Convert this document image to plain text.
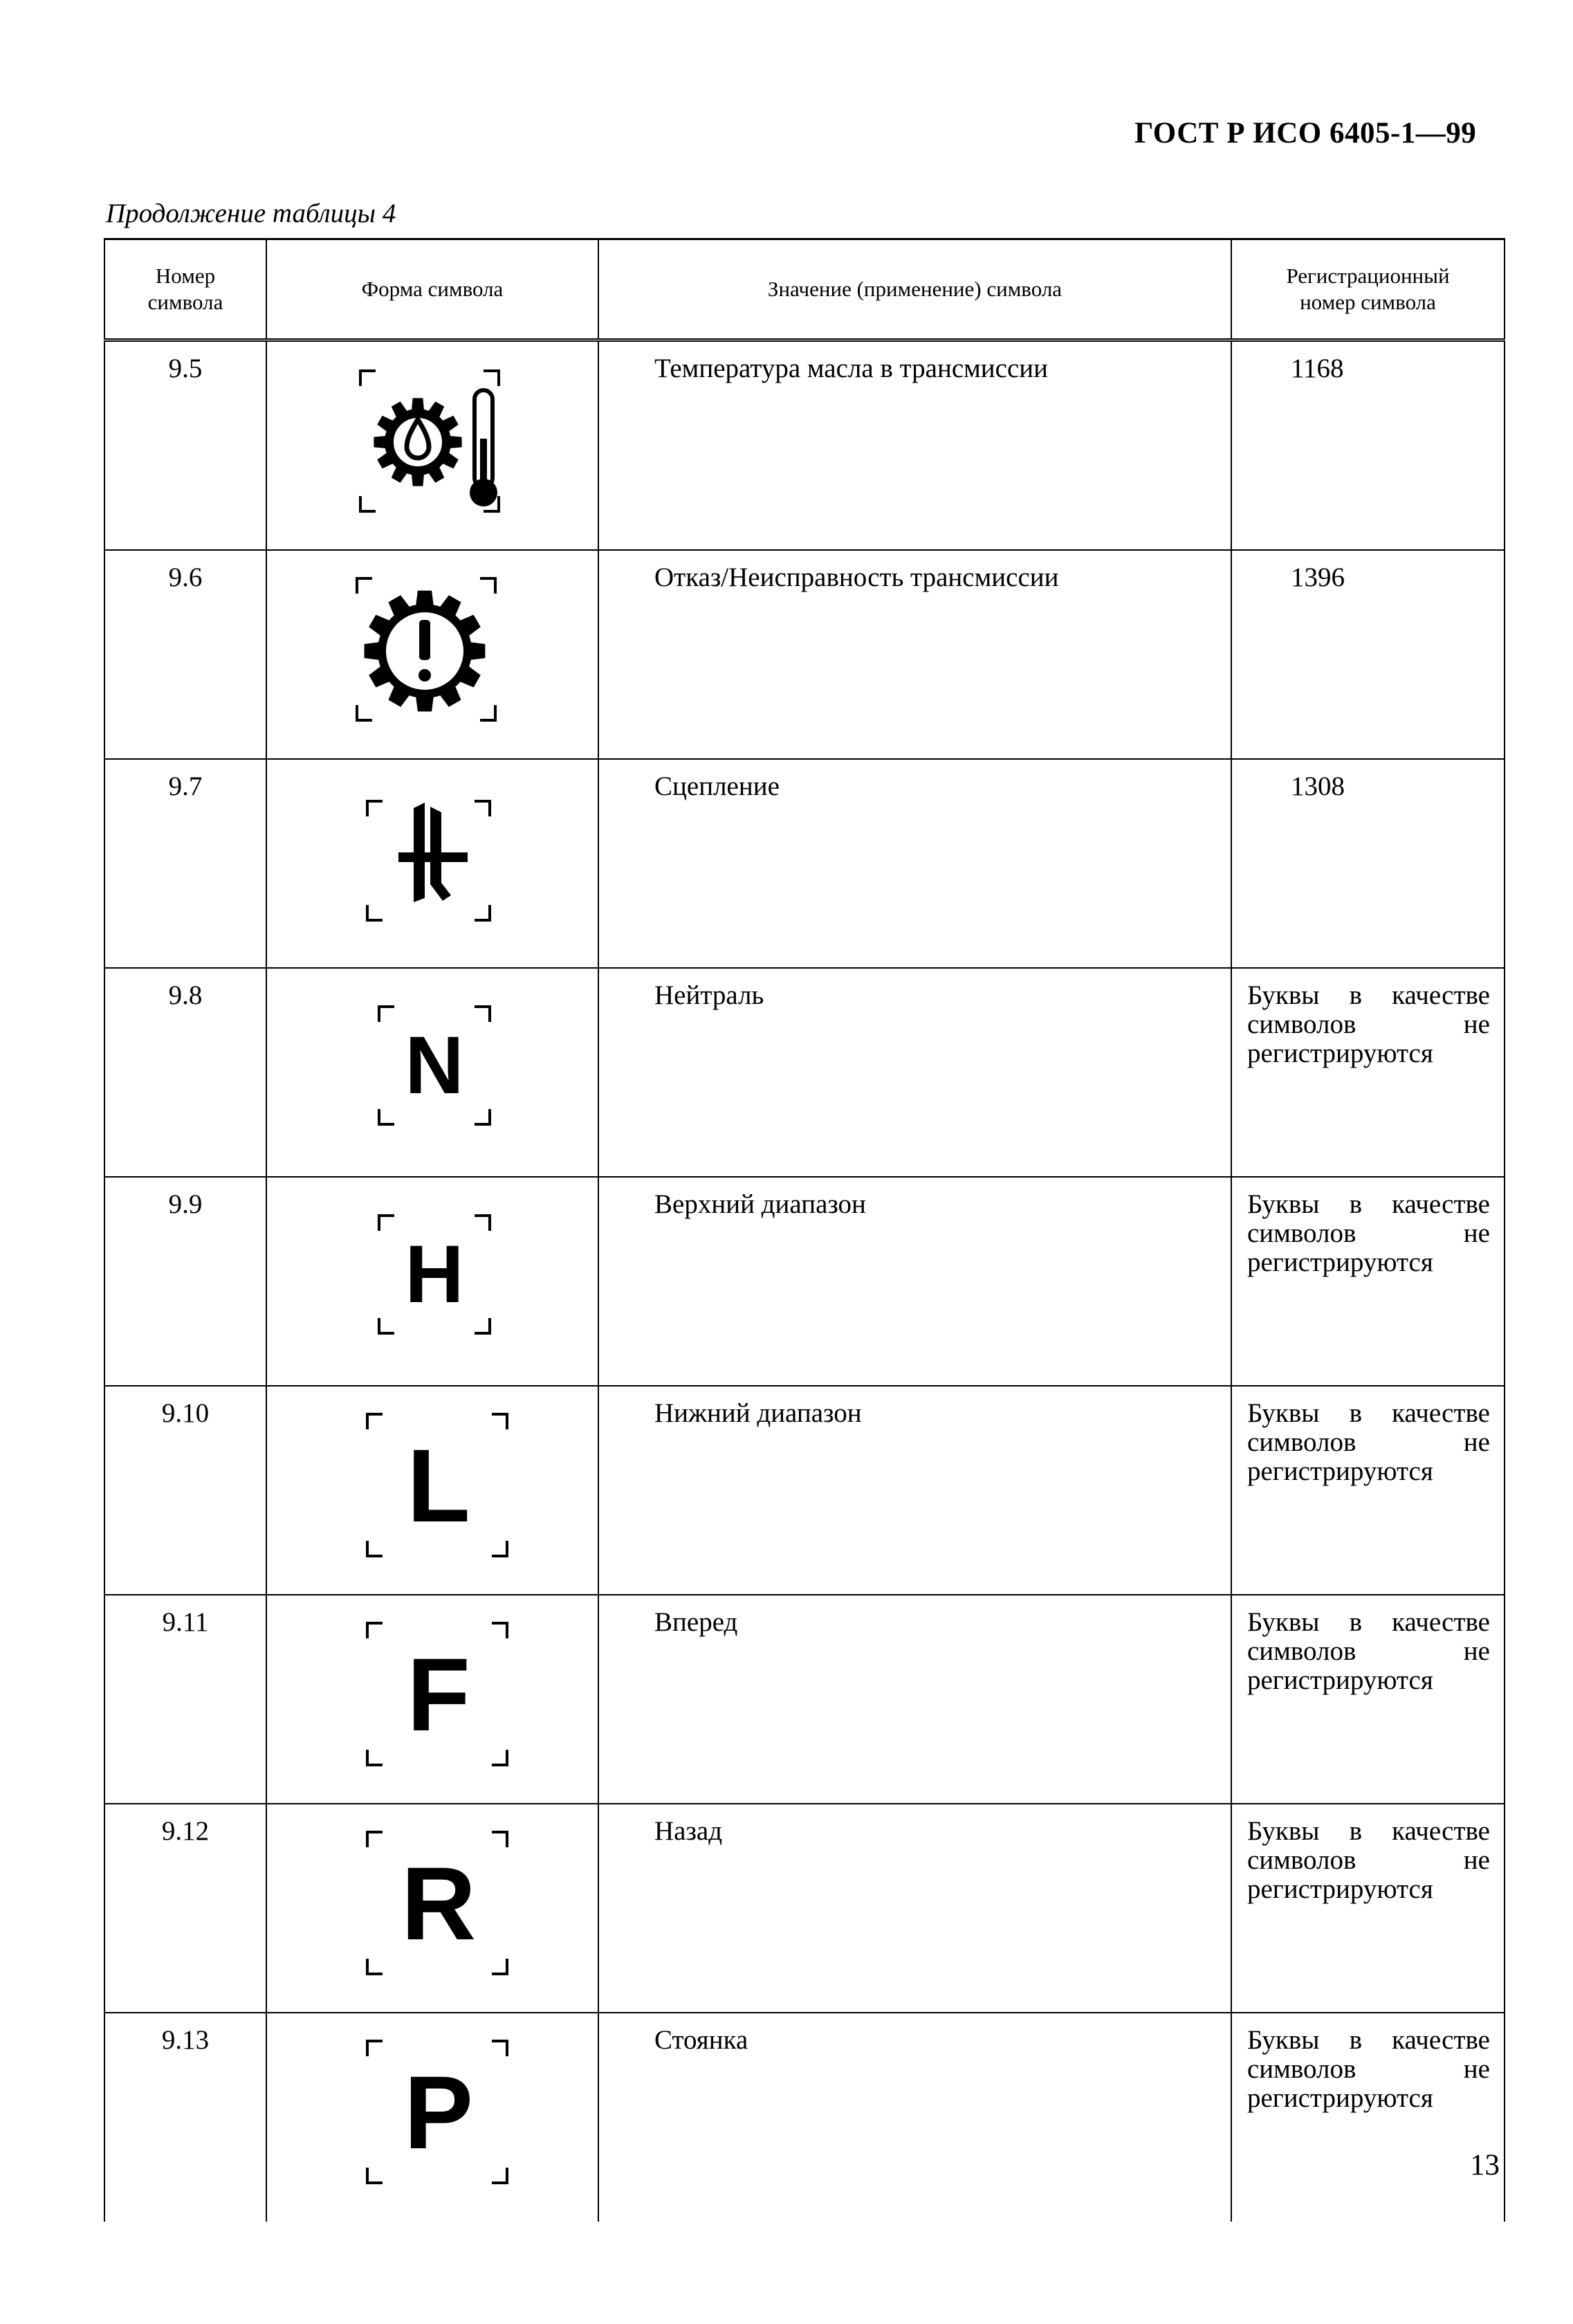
ГОСТ Р ИСО 6405-1—99
Продолжение таблицы 4
Номер символа	Форма символа	Значение (применение) символа	Регистрационный номер символа
9.5		Температура масла в трансмиссии	1168
9.6		Отказ/Неисправность трансмиссии	1396
9.7		Сцепление	1308
9.8	N	Нейтраль	Буквы в качестве символов не регистрируются
9.9	H	Верхний диапазон	Буквы в качестве символов не регистрируются
9.10	L	Нижний диапазон	Буквы в качестве символов не регистрируются
9.11	F	Вперед	Буквы в качестве символов не регистрируются
9.12	R	Назад	Буквы в качестве символов не регистрируются
9.13	P	Стоянка	Буквы в качестве символов не регистрируются
13
